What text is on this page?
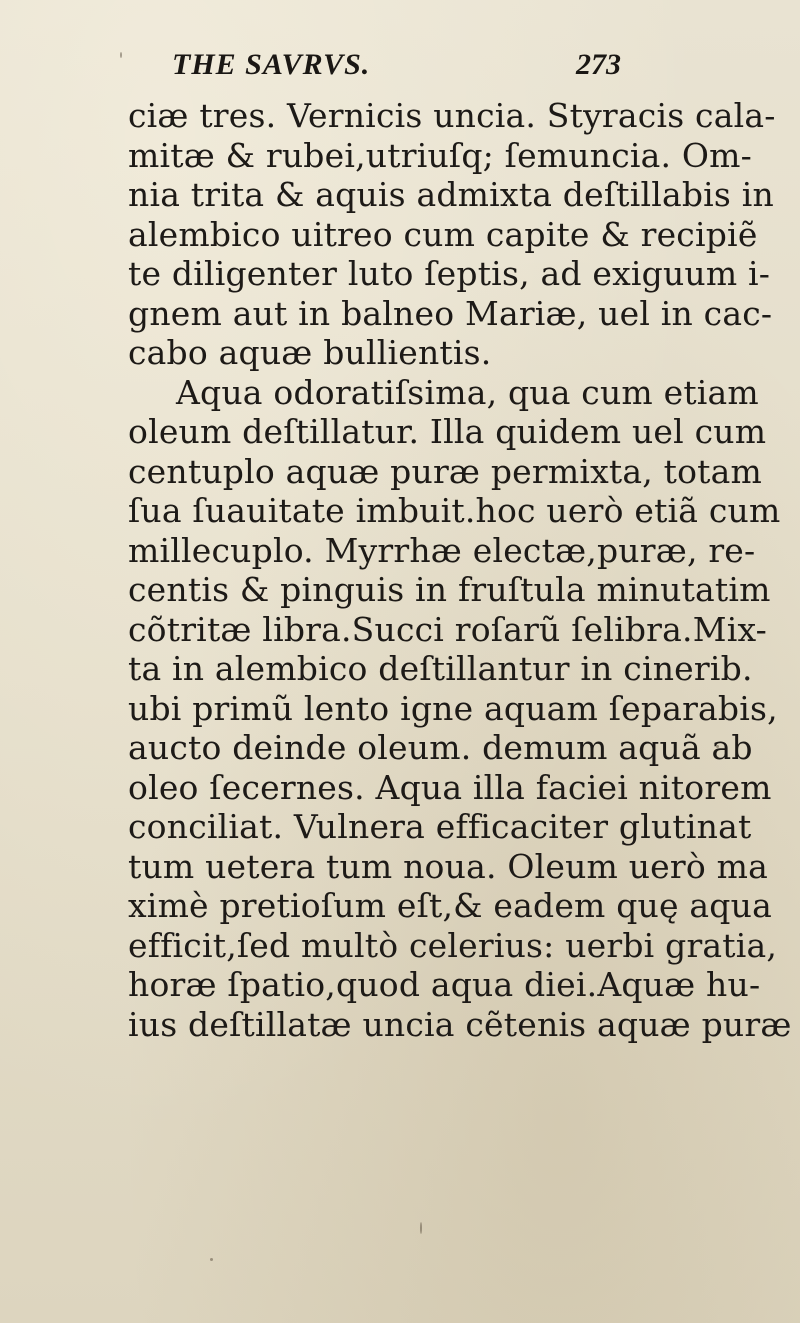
THE SAVRVS.	273
ciæ tres. Vernicis uncia. Styracis cala-
mitæ & rubei,utriuſq; ſemuncia. Om-
nia trita & aquis admixta deſtillabis in
alembico uitreo cum capite & recipiẽ
te diligenter luto ſeptis, ad exiguum i-
gnem aut in balneo Mariæ, uel in cac-
cabo aquæ bullientis.
Aqua odoratiſsima, qua cum etiam
oleum deſtillatur. Illa quidem uel cum
centuplo aquæ puræ permixta, totam
ſua ſuauitate imbuit.hoc uerò etiã cum
millecuplo. Myrrhæ electæ,puræ, re-
centis & pinguis in fruſtula minutatim
cõtritæ libra.Succi roſarũ ſelibra.Mix-
ta in alembico deſtillantur in cinerib.
ubi primũ lento igne aquam ſeparabis,
aucto deinde oleum. demum aquã ab
oleo ſecernes. Aqua illa faciei nitorem
conciliat. Vulnera efficaciter glutinat
tum uetera tum noua. Oleum uerò ma
ximè pretioſum eſt,& eadem quę aqua
efficit,ſed multò celerius: uerbi gratia,
horæ ſpatio,quod aqua diei.Aquæ hu-
ius deſtillatæ uncia cẽtenis aquæ puræ
